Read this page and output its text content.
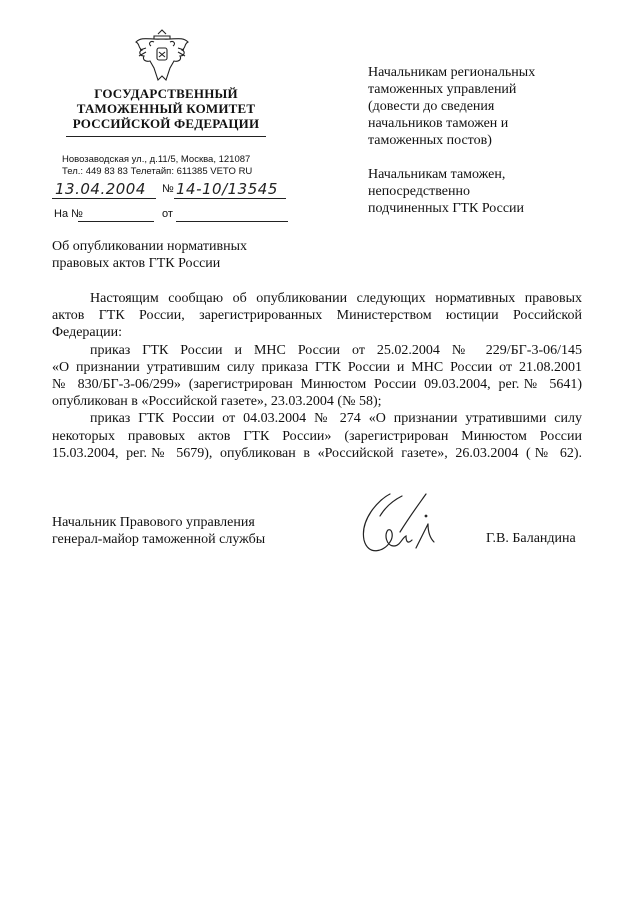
ГОСУДАРСТВЕННЫЙ
ТАМОЖЕННЫЙ КОМИТЕТ
РОССИЙСКОЙ ФЕДЕРАЦИИ
Новозаводская ул., д.11/5, Москва, 121087
Тел.: 449 83 83 Телетайп: 611385 VETO RU
13.04.2004 № 14-10/13545
На №	от
Об опубликовании нормативных
правовых актов ГТК России
Начальникам региональных
таможенных управлений
(довести до сведения
начальников таможен и
таможенных постов)
Начальникам таможен,
непосредственно
подчиненных ГТК России

Настоящим сообщаю об опубликовании следующих нормативных правовых
актов ГТК России, зарегистрированных Министерством юстиции Российской
Федерации:

приказ ГТК России и МНС России от 25.02.2004 № 229/БГ-3-06/145
«О признании утратившим силу приказа ГТК России и МНС России от 21.08.2001
№ 830/БГ-3-06/299» (зарегистрирован Минюстом России 09.03.2004, рег.№ 5641)
опубликован в «Российской газете», 23.03.2004 (№ 58);

приказ ГТК России от 04.03.2004 № 274 «О признании утратившими силу
некоторых правовых актов ГТК России» (зарегистрирован Минюстом России
15.03.2004, рег.№ 5679), опубликован в «Российской газете», 26.03.2004 (№ 62).

Начальник Правового управления
генерал-майор таможенной службы	Г.В. Баландина
